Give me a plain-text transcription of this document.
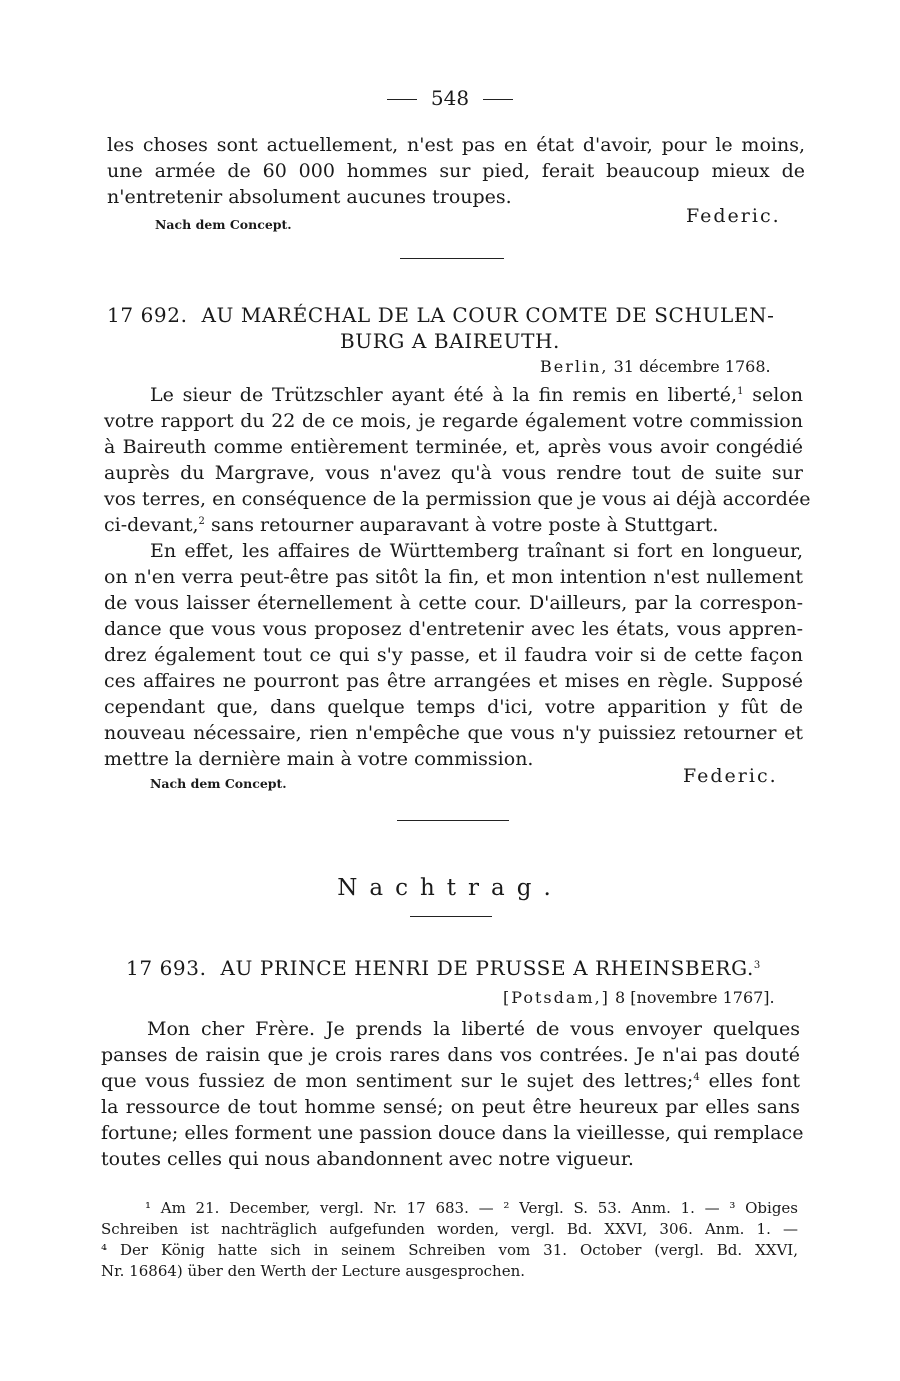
548

les choses sont actuellement, n'est pas en état d'avoir, pour le moins,
une armée de 60 000 hommes sur pied, ferait beaucoup mieux de
n'entretenir absolument aucunes troupes.

Nach dem Concept.	Federic.
17 692. AU MARÉCHAL DE LA COUR COMTE DE SCHULEN-
BURG A BAIREUTH.
Berlin, 31 décembre 1768.

Le sieur de Trützschler ayant été à la fin remis en liberté,$^1$ selon
votre rapport du 22 de ce mois, je regarde également votre commission
à Baireuth comme entièrement terminée, et, après vous avoir congédié
auprès du Margrave, vous n'avez qu'à vous rendre tout de suite sur
vos terres, en conséquence de la permission que je vous ai déjà accordée
ci-devant,$^2$ sans retourner auparavant à votre poste à Stuttgart.
En effet, les affaires de Württemberg traînant si fort en longueur,
on n'en verra peut-être pas sitôt la fin, et mon intention n'est nullement
de vous laisser éternellement à cette cour. D'ailleurs, par la correspon-
dance que vous vous proposez d'entretenir avec les états, vous appren-
drez également tout ce qui s'y passe, et il faudra voir si de cette façon
ces affaires ne pourront pas être arrangées et mises en règle. Supposé
cependant que, dans quelque temps d'ici, votre apparition y fût de
nouveau nécessaire, rien n'empêche que vous n'y puissiez retourner et
mettre la dernière main à votre commission.

Nach dem Concept.	Federic.
Nachtrag.
17 693. AU PRINCE HENRI DE PRUSSE A RHEINSBERG.$^3$
[Potsdam,] 8 [novembre 1767].

Mon cher Frère. Je prends la liberté de vous envoyer quelques
panses de raisin que je crois rares dans vos contrées. Je n'ai pas douté
que vous fussiez de mon sentiment sur le sujet des lettres;$^4$ elles font
la ressource de tout homme sensé; on peut être heureux par elles sans
fortune; elles forment une passion douce dans la vieillesse, qui remplace
toutes celles qui nous abandonnent avec notre vigueur.

¹ Am 21. December, vergl. Nr. 17 683. — ² Vergl. S. 53. Anm. 1. — ³ Obiges
Schreiben ist nachträglich aufgefunden worden, vergl. Bd. XXVI, 306. Anm. 1. —
⁴ Der König hatte sich in seinem Schreiben vom 31. October (vergl. Bd. XXVI,
Nr. 16864) über den Werth der Lecture ausgesprochen.
